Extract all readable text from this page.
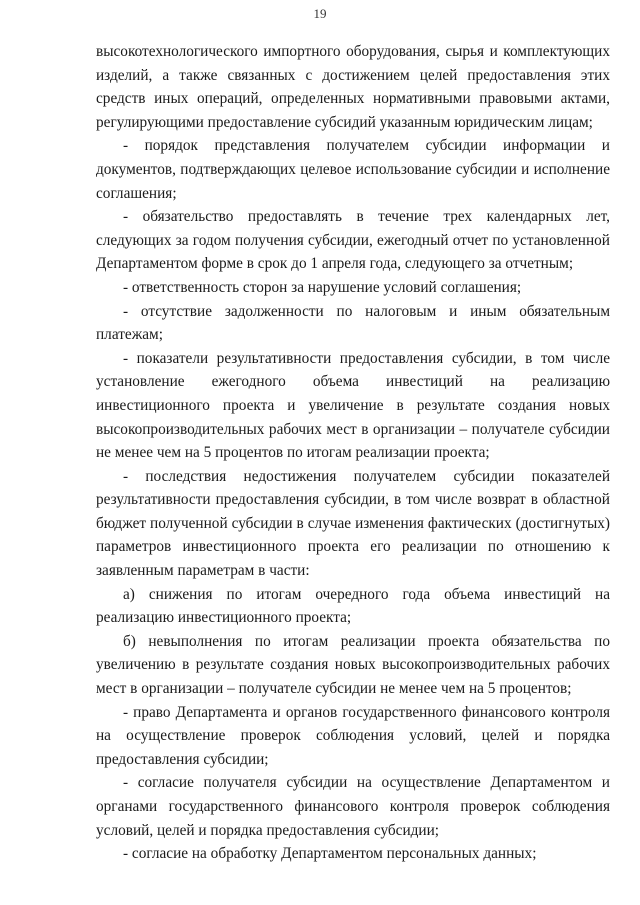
19

высокотехнологического импортного оборудования, сырья и комплектующих изделий, а также связанных с достижением целей предоставления этих средств иных операций, определенных нормативными правовыми актами, регулирующими предоставление субсидий указанным юридическим лицам;

- порядок представления получателем субсидии информации и документов, подтверждающих целевое использование субсидии и исполнение соглашения;

- обязательство предоставлять в течение трех календарных лет, следующих за годом получения субсидии, ежегодный отчет по установленной Департаментом форме в срок до 1 апреля года, следующего за отчетным;

- ответственность сторон за нарушение условий соглашения;

- отсутствие задолженности по налоговым и иным обязательным платежам;

- показатели результативности предоставления субсидии, в том числе установление ежегодного объема инвестиций на реализацию инвестиционного проекта и увеличение в результате создания новых высокопроизводительных рабочих мест в организации – получателе субсидии не менее чем на 5 процентов по итогам реализации проекта;

- последствия недостижения получателем субсидии показателей результативности предоставления субсидии, в том числе возврат в областной бюджет полученной субсидии в случае изменения фактических (достигнутых) параметров инвестиционного проекта его реализации по отношению к заявленным параметрам в части:

а) снижения по итогам очередного года объема инвестиций на реализацию инвестиционного проекта;

б) невыполнения по итогам реализации проекта обязательства по увеличению в результате создания новых высокопроизводительных рабочих мест в организации – получателе субсидии не менее чем на 5 процентов;

- право Департамента и органов государственного финансового контроля на осуществление проверок соблюдения условий, целей и порядка предоставления субсидии;

- согласие получателя субсидии на осуществление Департаментом и органами государственного финансового контроля проверок соблюдения условий, целей и порядка предоставления субсидии;

- согласие на обработку Департаментом персональных данных;
